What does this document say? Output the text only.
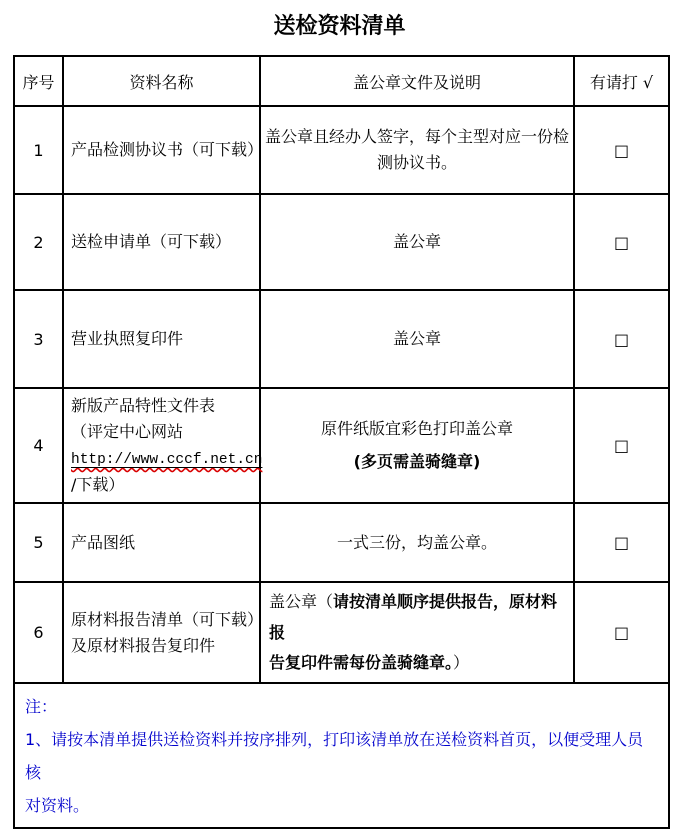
送检资料清单
序号	资料名称	盖公章文件及说明	有请打 √
1	产品检测协议书（可下载）	盖公章且经办人签字，每个主型对应一份检
测协议书。	□
2	送检申请单（可下载）	盖公章	□
3	营业执照复印件	盖公章	□
4	新版产品特性文件表
（评定中心网站
http://www.cccf.net.cn
/下载）	原件纸版宜彩色打印盖公章
(多页需盖骑缝章)	□
5	产品图纸	一式三份，均盖公章。	□
6	原材料报告清单（可下载）
及原材料报告复印件	盖公章（请按清单顺序提供报告，原材料报
告复印件需每份盖骑缝章。）	□

注：
1、请按本清单提供送检资料并按序排列，打印该清单放在送检资料首页，以便受理人员核
对资料。			
